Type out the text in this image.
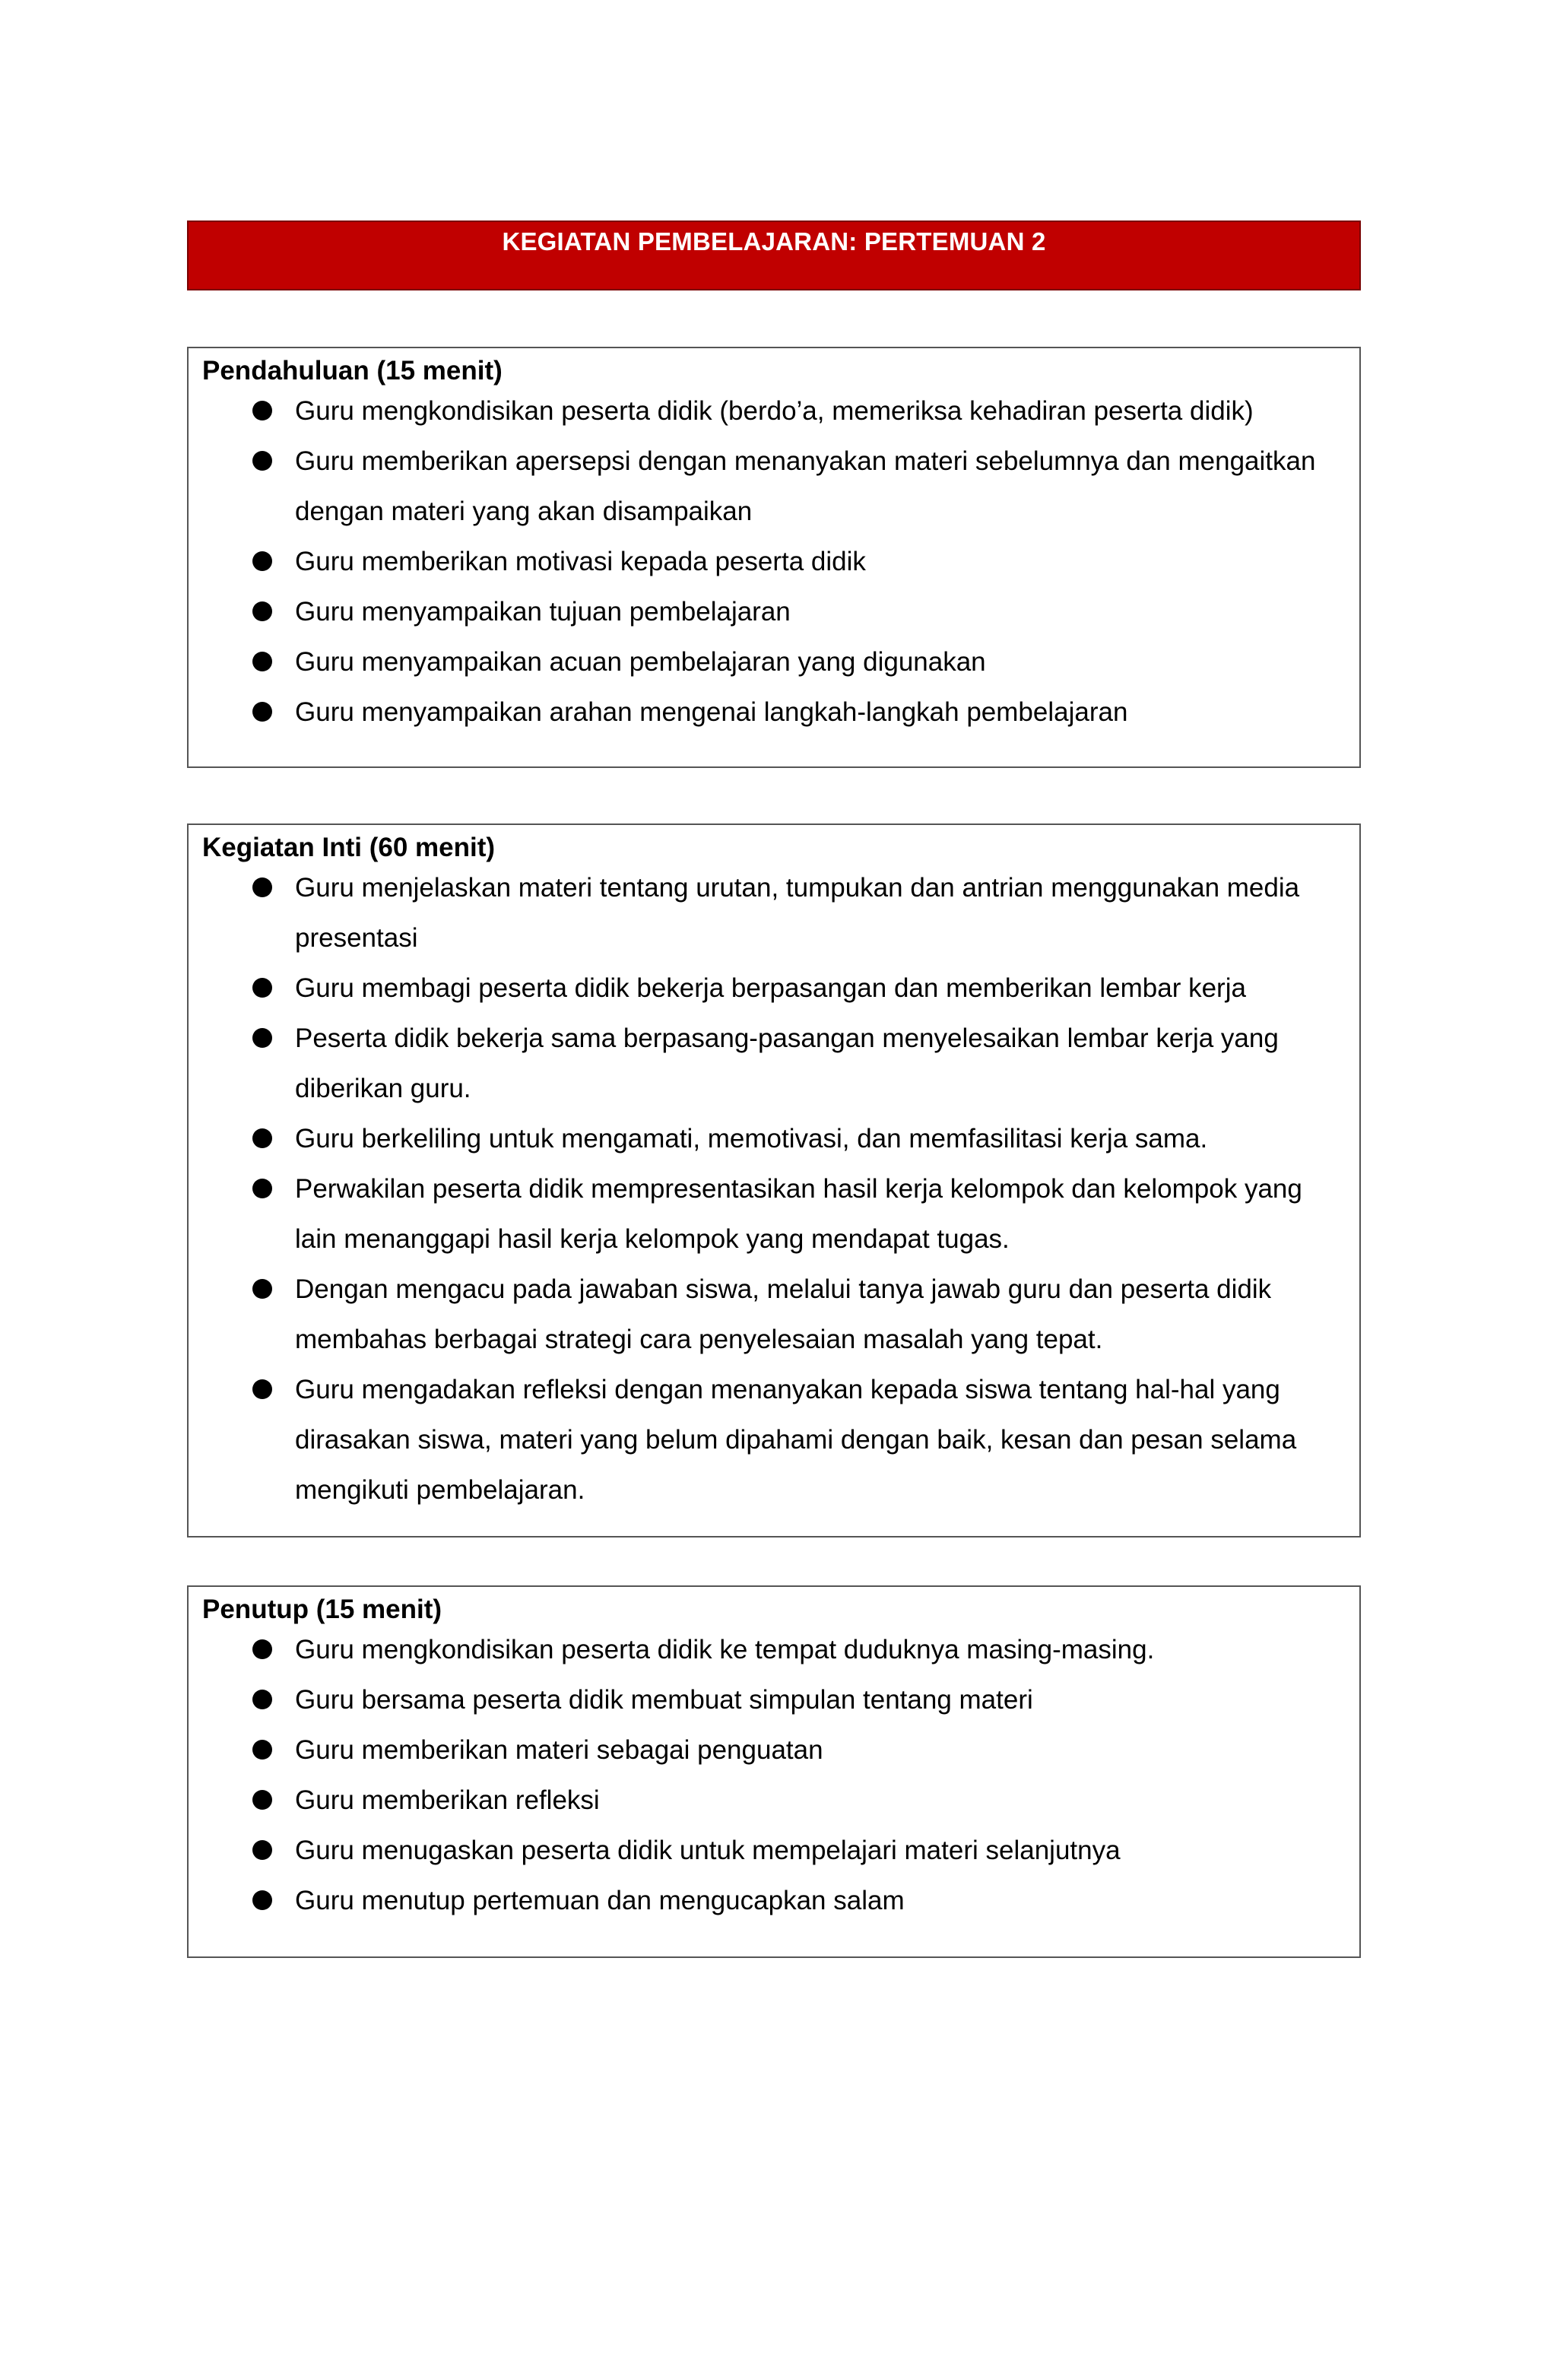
KEGIATAN PEMBELAJARAN: PERTEMUAN 2

Pendahuluan (15 menit)

Guru mengkondisikan peserta didik (berdo’a, memeriksa kehadiran peserta didik)
Guru memberikan apersepsi dengan menanyakan materi sebelumnya dan mengaitkan dengan materi yang akan disampaikan
Guru memberikan motivasi kepada peserta didik
Guru menyampaikan tujuan pembelajaran
Guru menyampaikan acuan pembelajaran yang digunakan
Guru menyampaikan arahan mengenai langkah-langkah pembelajaran

Kegiatan Inti (60 menit)

Guru menjelaskan materi tentang urutan, tumpukan dan antrian menggunakan media presentasi
Guru membagi peserta didik bekerja berpasangan dan memberikan lembar kerja
Peserta didik bekerja sama berpasang-pasangan menyelesaikan lembar kerja yang diberikan guru.
Guru berkeliling untuk mengamati, memotivasi, dan memfasilitasi kerja sama.
Perwakilan peserta didik mempresentasikan hasil kerja kelompok dan kelompok yang lain menanggapi hasil kerja kelompok yang mendapat tugas.
Dengan mengacu pada jawaban siswa, melalui tanya jawab guru dan peserta didik membahas berbagai strategi cara penyelesaian masalah yang tepat.
Guru mengadakan refleksi dengan menanyakan kepada siswa tentang hal-hal yang dirasakan siswa, materi yang belum dipahami dengan baik, kesan dan pesan selama mengikuti pembelajaran.

Penutup (15 menit)

Guru mengkondisikan peserta didik ke tempat duduknya masing-masing.
Guru bersama peserta didik membuat simpulan tentang materi
Guru memberikan materi sebagai penguatan
Guru memberikan refleksi
Guru menugaskan peserta didik untuk mempelajari materi selanjutnya
Guru menutup pertemuan dan mengucapkan salam
